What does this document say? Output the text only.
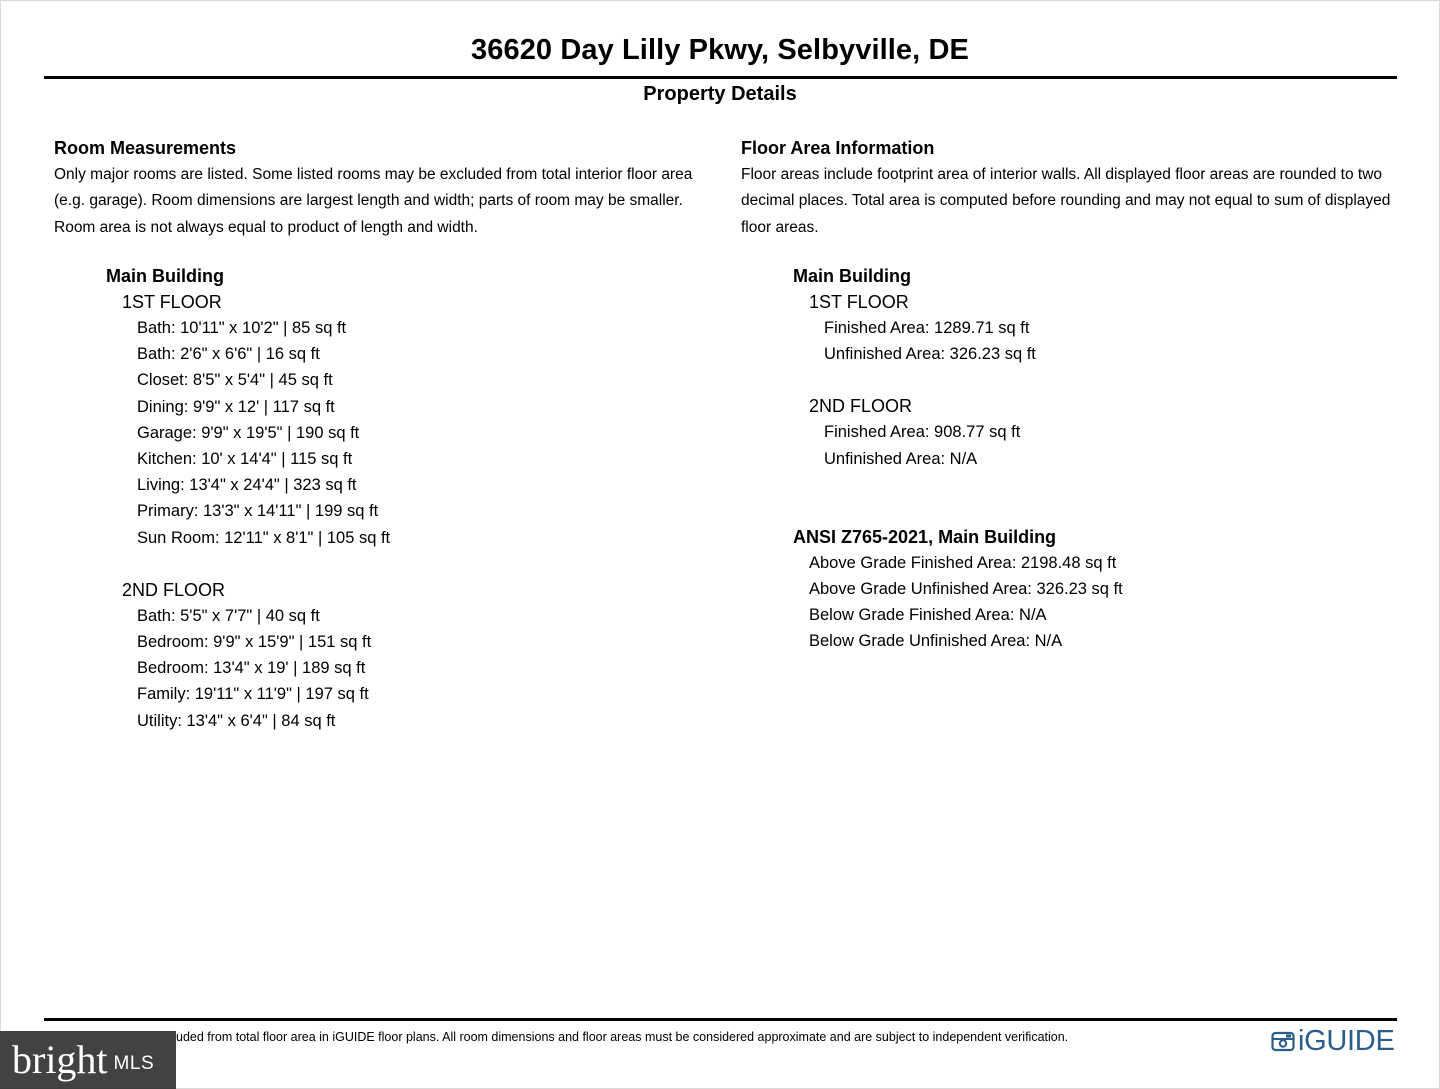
36620 Day Lilly Pkwy, Selbyville, DE
Property Details
Room Measurements
Only major rooms are listed. Some listed rooms may be excluded from total interior floor area (e.g. garage). Room dimensions are largest length and width; parts of room may be smaller. Room area is not always equal to product of length and width.
Main Building
1ST FLOOR
Bath: 10'11" x 10'2" | 85 sq ft
Bath: 2'6" x 6'6" | 16 sq ft
Closet: 8'5" x 5'4" | 45 sq ft
Dining: 9'9" x 12' | 117 sq ft
Garage: 9'9" x 19'5" | 190 sq ft
Kitchen: 10' x 14'4" | 115 sq ft
Living: 13'4" x 24'4" | 323 sq ft
Primary: 13'3" x 14'11" | 199 sq ft
Sun Room: 12'11" x 8'1" | 105 sq ft
2ND FLOOR
Bath: 5'5" x 7'7" | 40 sq ft
Bedroom: 9'9" x 15'9" | 151 sq ft
Bedroom: 13'4" x 19' | 189 sq ft
Family: 19'11" x 11'9" | 197 sq ft
Utility: 13'4" x 6'4" | 84 sq ft
Floor Area Information
Floor areas include footprint area of interior walls. All displayed floor areas are rounded to two decimal places. Total area is computed before rounding and may not equal to sum of displayed floor areas.
Main Building
1ST FLOOR
Finished Area: 1289.71 sq ft
Unfinished Area: 326.23 sq ft
2ND FLOOR
Finished Area: 908.77 sq ft
Unfinished Area: N/A
ANSI Z765-2021, Main Building
Above Grade Finished Area: 2198.48 sq ft
Above Grade Unfinished Area: 326.23 sq ft
Below Grade Finished Area: N/A
Below Grade Unfinished Area: N/A
uded from total floor area in iGUIDE floor plans. All room dimensions and floor areas must be considered approximate and are subject to independent verification.	iGUIDE
bright MLS
